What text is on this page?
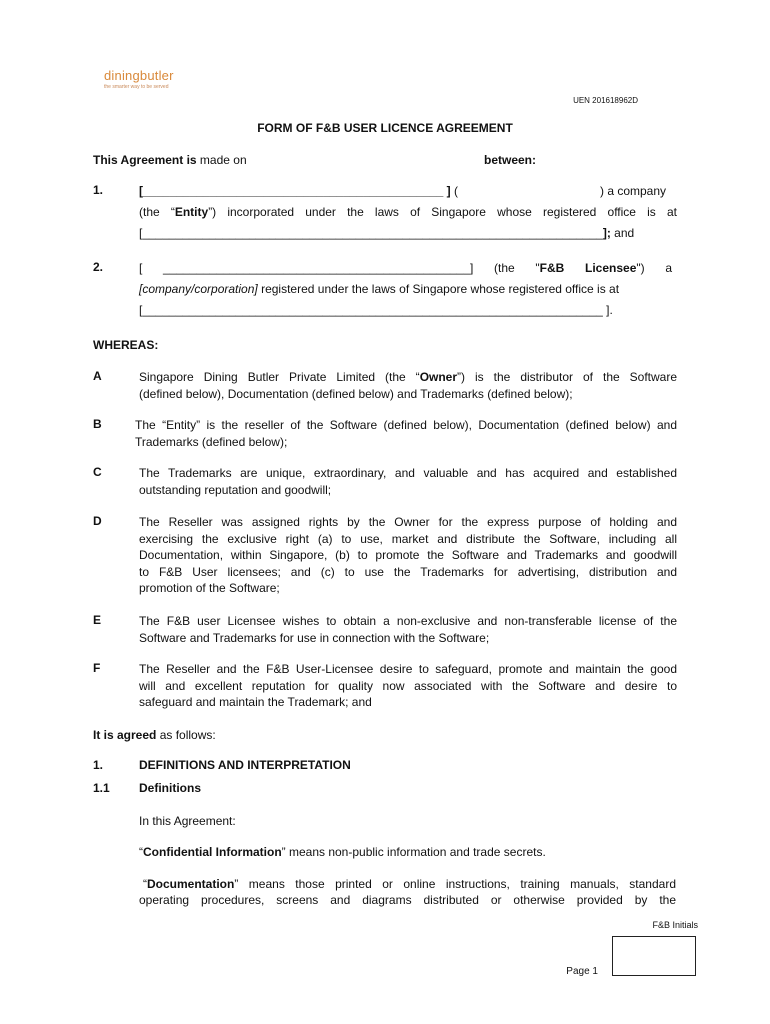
diningbutler
the smarter way to be served
UEN 201618962D
FORM OF F&B USER LICENCE AGREEMENT
This Agreement is made on	between:
1.	[_____________________________________________ ] (	) a company
(the “Entity”) incorporated under the laws of Singapore whose registered office is at
[_____________________________________________________________________]; and
2.	[ ______________________________________________] (the "F&B Licensee") a
[company/corporation] registered under the laws of Singapore whose registered office is at
[_____________________________________________________________________ ].
WHEREAS:
A	Singapore Dining Butler Private Limited (the “Owner”) is the distributor of the Software
(defined below), Documentation (defined below) and Trademarks (defined below);
B	The “Entity” is the reseller of the Software (defined below), Documentation (defined below) and
Trademarks (defined below);
C	The Trademarks are unique, extraordinary, and valuable and has acquired and established
outstanding reputation and goodwill;
D	The Reseller was assigned rights by the Owner for the express purpose of holding and
exercising the exclusive right (a) to use, market and distribute the Software, including all
Documentation, within Singapore, (b) to promote the Software and Trademarks and goodwill
to F&B User licensees; and (c) to use the Trademarks for advertising, distribution and
promotion of the Software;
E	The F&B user Licensee wishes to obtain a non-exclusive and non-transferable license of the
Software and Trademarks for use in connection with the Software;
F	The Reseller and the F&B User-Licensee desire to safeguard, promote and maintain the good
will and excellent reputation for quality now associated with the Software and desire to
safeguard and maintain the Trademark; and
It is agreed as follows:
1.	DEFINITIONS AND INTERPRETATION
1.1 Definitions
In this Agreement:
“Confidential Information” means non-public information and trade secrets.
“Documentation” means those printed or online instructions, training manuals, standard
operating procedures, screens and diagrams distributed or otherwise provided by the
F&B Initials
Page 1
